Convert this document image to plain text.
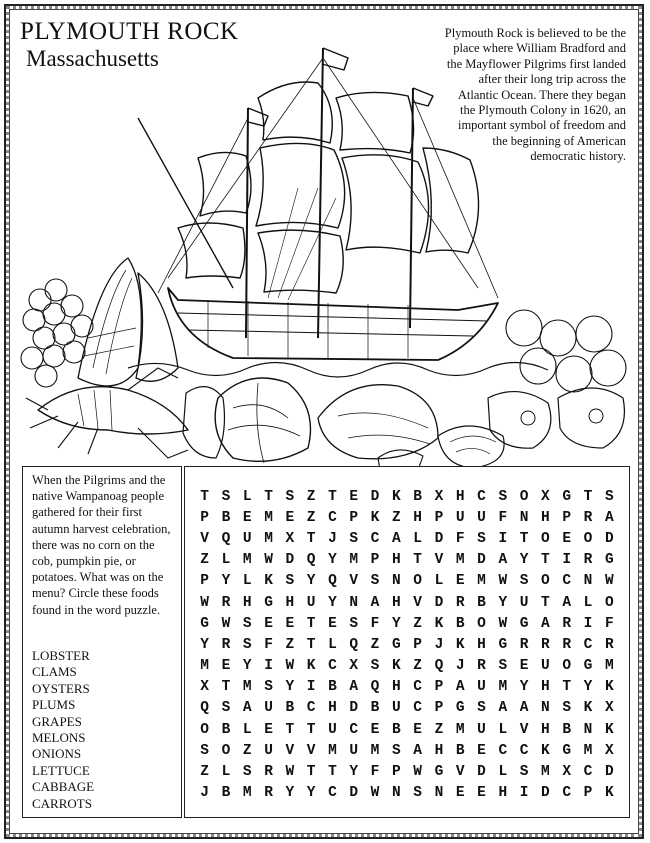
PLYMOUTH ROCK
Massachusetts
Plymouth Rock is believed to be the place where William Bradford and the Mayflower Pilgrims first landed after their long trip across the Atlantic Ocean. There they began the Plymouth Colony in 1620, an important symbol of freedom and the beginning of American democratic history.
When the Pilgrims and the native Wampanoag people gathered for their first autumn harvest celebration, there was no corn on the cob, pumpkin pie, or potatoes. What was on the menu? Circle these foods found in the word puzzle.
LOBSTER
CLAMS
OYSTERS
PLUMS
GRAPES
MELONS
ONIONS
LETTUCE
CABBAGE
CARROTS
T S L T S Z T E D K B X H C S O X G T S
P B E M E Z C P K Z H P U U F N H P R A
V Q U M X T J S C A L D F S I T O E O D
Z L M W D Q Y M P H T V M D A Y T I R G
P Y L K S Y Q V S N O L E M W S O C N W
W R H G H U Y N A H V D R B Y U T A L O
G W S E E T E S F Y Z K B O W G A R I F
Y R S F Z T L Q Z G P J K H G R R R C R
M E Y I W K C X S K Z Q J R S E U O G M
X T M S Y I B A Q H C P A U M Y H T Y K
Q S A U B C H D B U C P G S A A N S K X
O B L E T T U C E B E Z M U L V H B N K
S O Z U V V M U M S A H B E C C K G M X
Z L S R W T T Y F P W G V D L S M X C D
J B M R Y Y C D W N S N E E H I D C P K
